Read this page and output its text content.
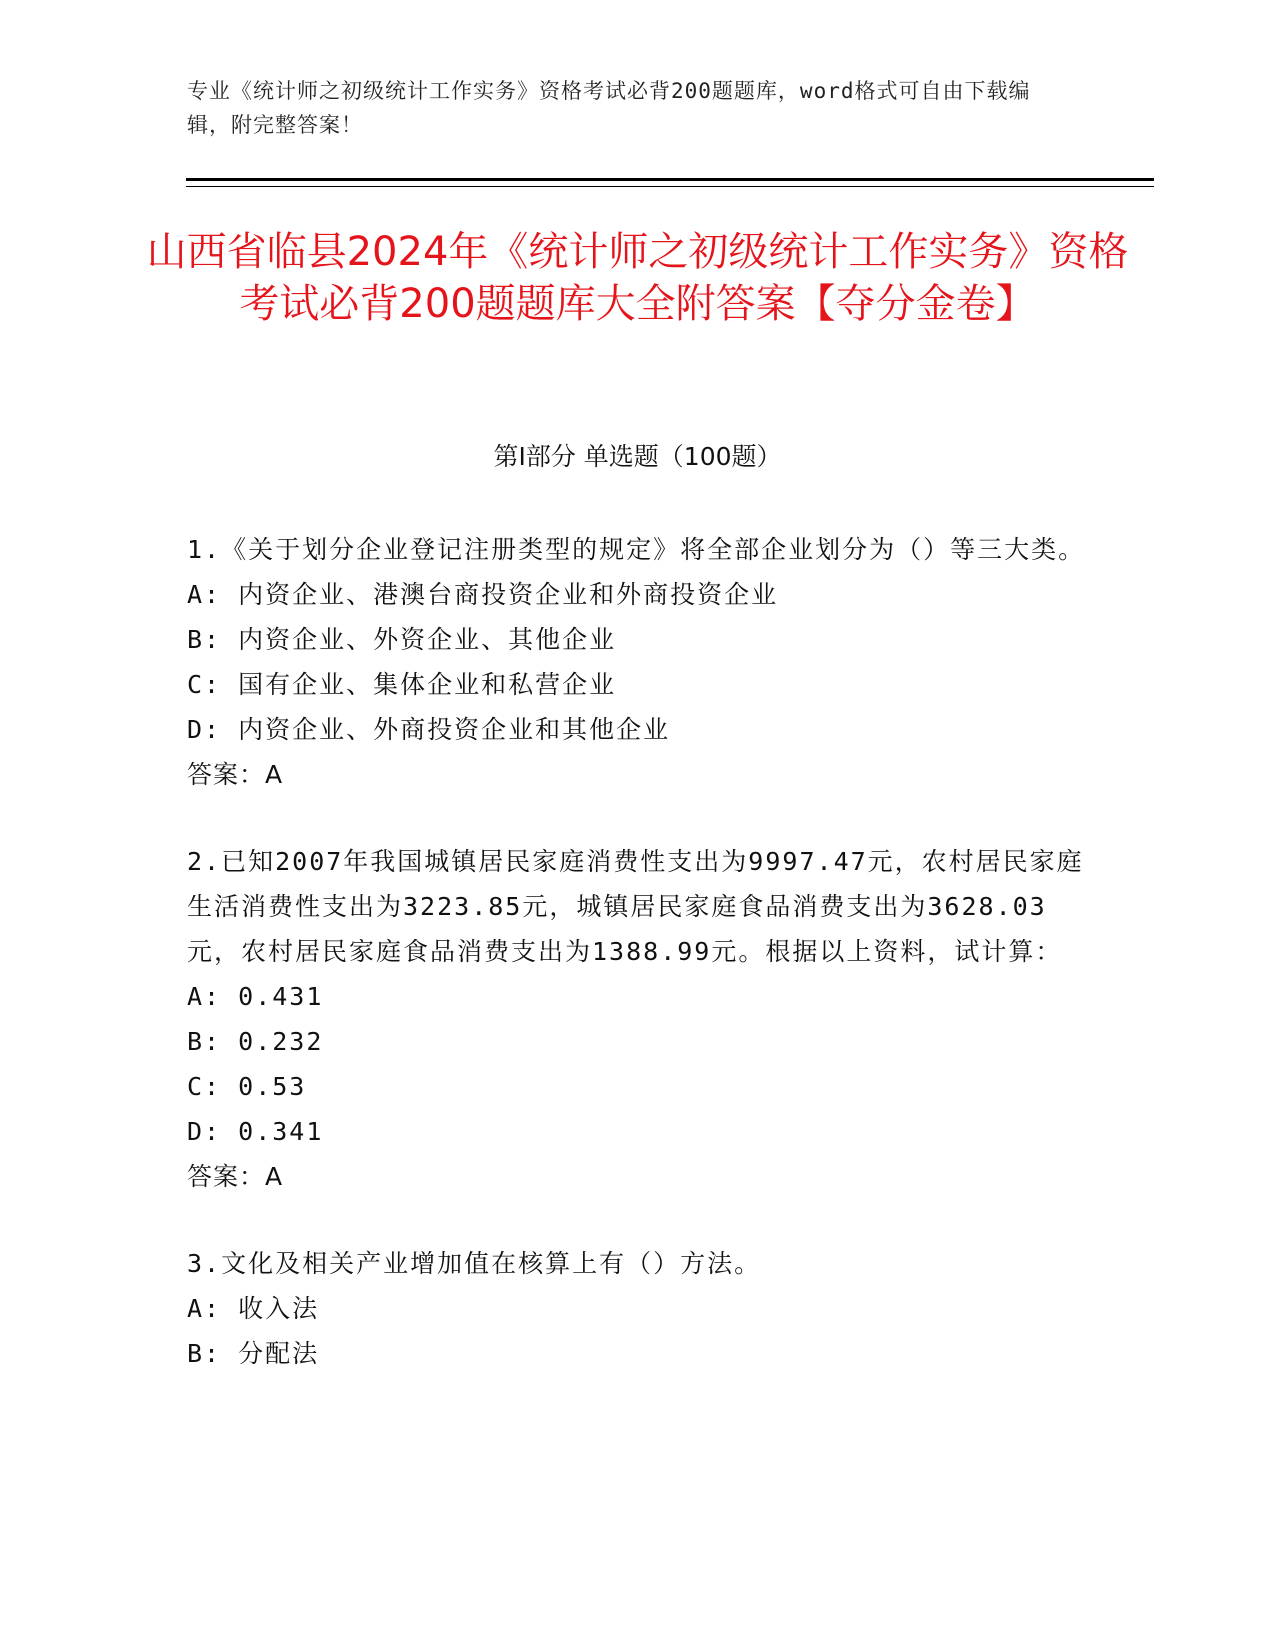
专业《统计师之初级统计工作实务》资格考试必背200题题库，word格式可自由下载编辑，附完整答案！
山西省临县2024年《统计师之初级统计工作实务》资格考试必背200题题库大全附答案【夺分金卷】
第Ⅰ部分 单选题（100题）

1.《关于划分企业登记注册类型的规定》将全部企业划分为（）等三大类。

A: 内资企业、港澳台商投资企业和外商投资企业

B: 内资企业、外资企业、其他企业

C: 国有企业、集体企业和私营企业

D: 内资企业、外商投资企业和其他企业

答案：A

2.已知2007年我国城镇居民家庭消费性支出为9997.47元，农村居民家庭生活消费性支出为3223.85元，城镇居民家庭食品消费支出为3628.03元，农村居民家庭食品消费支出为1388.99元。根据以上资料，试计算：

A: 0.431

B: 0.232

C: 0.53

D: 0.341

答案：A

3.文化及相关产业增加值在核算上有（）方法。

A: 收入法

B: 分配法
